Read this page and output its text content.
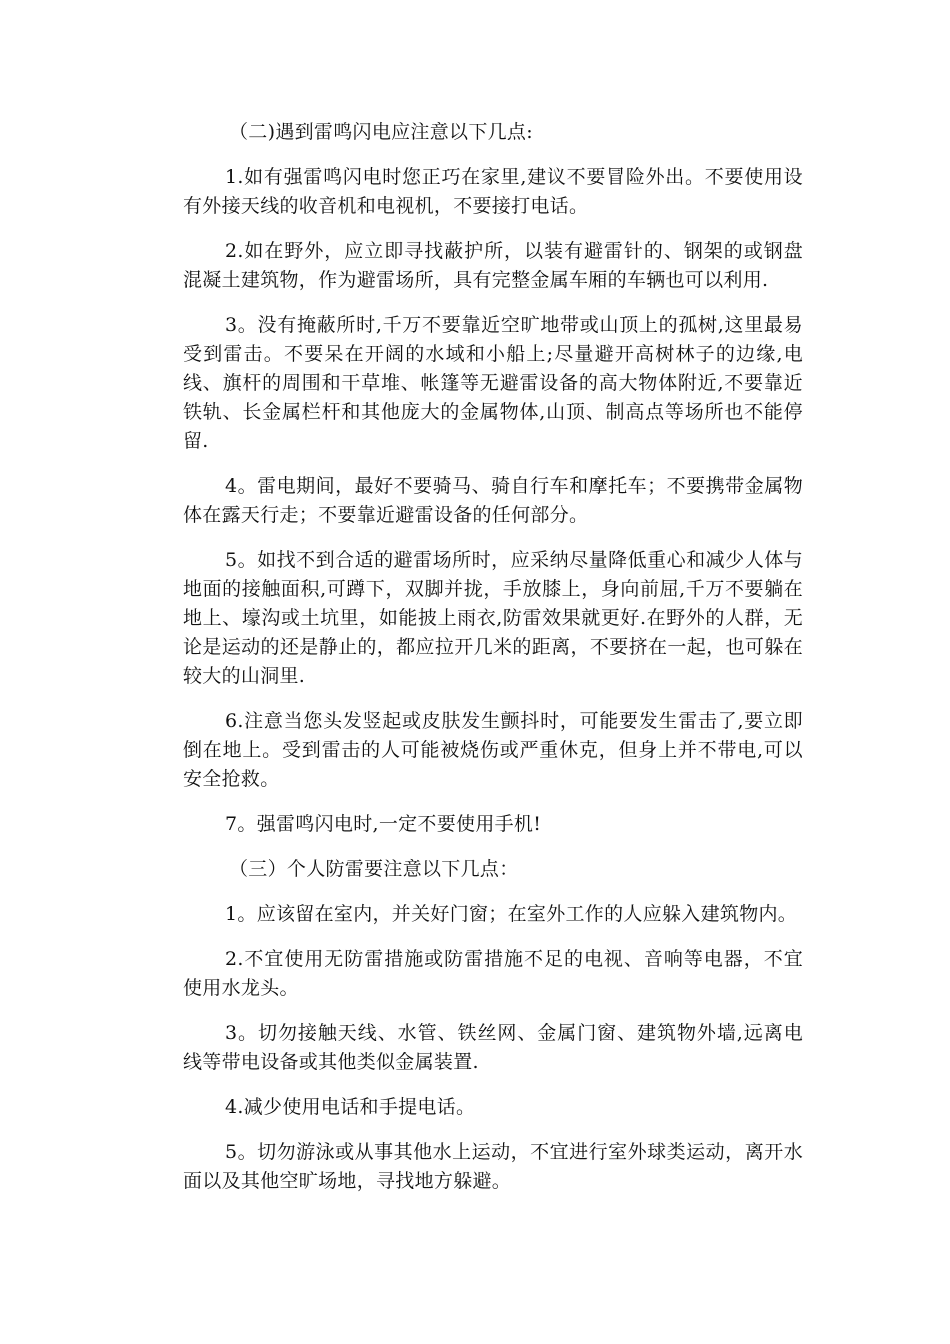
（二)遇到雷鸣闪电应注意以下几点:

1.如有强雷鸣闪电时您正巧在家里,建议不要冒险外出。不要使用设有外接天线的收音机和电视机，不要接打电话。

2.如在野外，应立即寻找蔽护所，以装有避雷针的、钢架的或钢盘混凝土建筑物，作为避雷场所，具有完整金属车厢的车辆也可以利用.

3。没有掩蔽所时,千万不要靠近空旷地带或山顶上的孤树,这里最易受到雷击。不要呆在开阔的水域和小船上;尽量避开高树林子的边缘,电线、旗杆的周围和干草堆、帐篷等无避雷设备的高大物体附近,不要靠近铁轨、长金属栏杆和其他庞大的金属物体,山顶、制高点等场所也不能停留.

4。雷电期间，最好不要骑马、骑自行车和摩托车；不要携带金属物体在露天行走；不要靠近避雷设备的任何部分。

5。如找不到合适的避雷场所时，应采纳尽量降低重心和减少人体与地面的接触面积,可蹲下，双脚并拢，手放膝上，身向前屈,千万不要躺在地上、壕沟或土坑里，如能披上雨衣,防雷效果就更好.在野外的人群，无论是运动的还是静止的，都应拉开几米的距离，不要挤在一起，也可躲在较大的山洞里.

6.注意当您头发竖起或皮肤发生颤抖时，可能要发生雷击了,要立即倒在地上。受到雷击的人可能被烧伤或严重休克，但身上并不带电,可以安全抢救。

7。强雷鸣闪电时,一定不要使用手机!

（三）个人防雷要注意以下几点：

1。应该留在室内，并关好门窗；在室外工作的人应躲入建筑物内。

2.不宜使用无防雷措施或防雷措施不足的电视、音响等电器，不宜使用水龙头。

3。切勿接触天线、水管、铁丝网、金属门窗、建筑物外墙,远离电线等带电设备或其他类似金属装置.

4.减少使用电话和手提电话。

5。切勿游泳或从事其他水上运动，不宜进行室外球类运动，离开水面以及其他空旷场地，寻找地方躲避。
